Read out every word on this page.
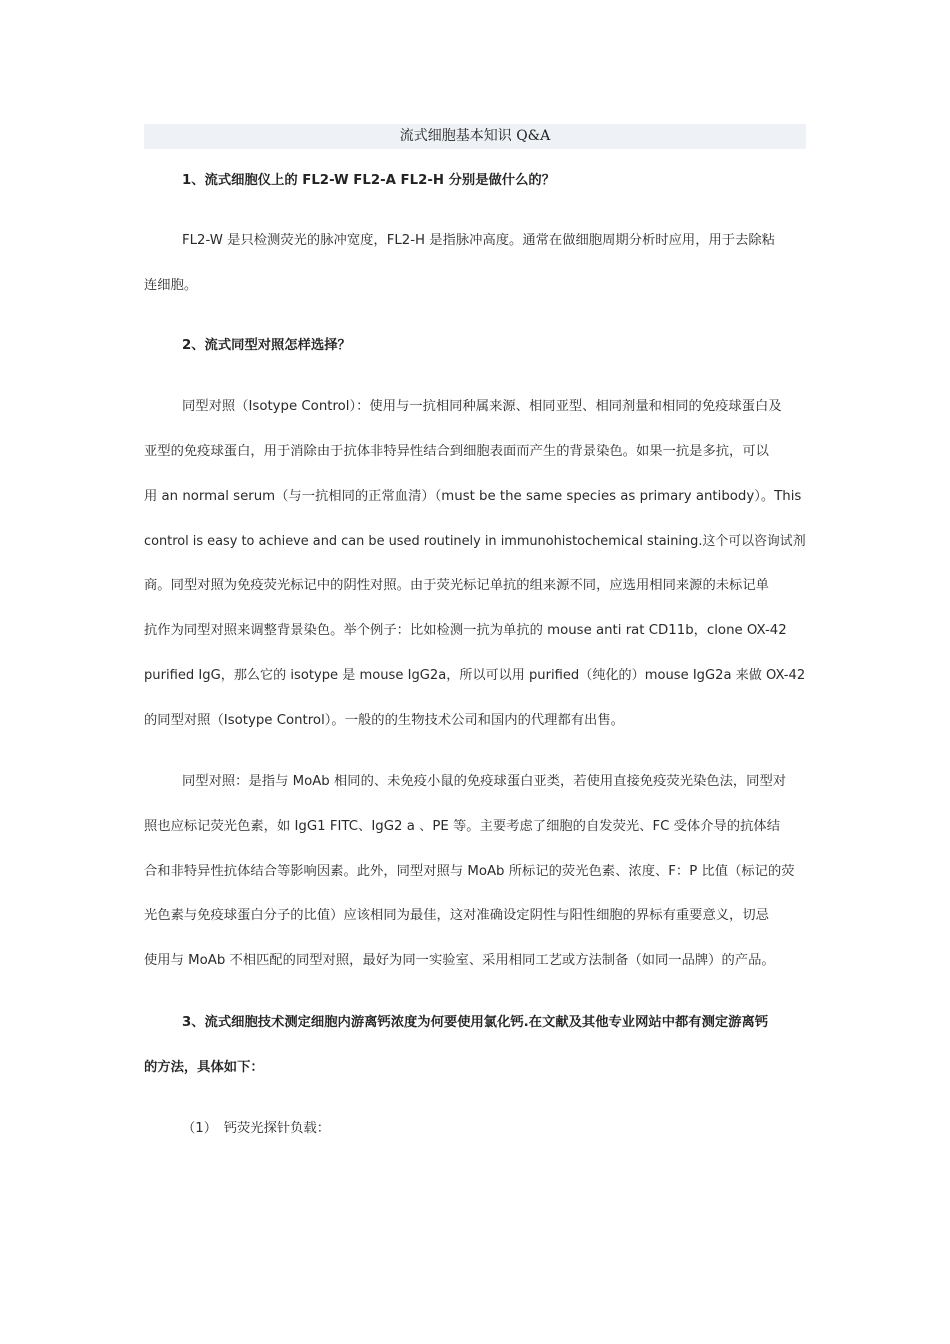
流式细胞基本知识 Q&A
1、流式细胞仪上的 FL2-W FL2-A FL2-H 分别是做什么的？
FL2-W 是只检测荧光的脉冲宽度，FL2-H 是指脉冲高度。通常在做细胞周期分析时应用，用于去除粘
连细胞。
2、流式同型对照怎样选择？
同型对照（Isotype Control）：使用与一抗相同种属来源、相同亚型、相同剂量和相同的免疫球蛋白及
亚型的免疫球蛋白，用于消除由于抗体非特异性结合到细胞表面而产生的背景染色。如果一抗是多抗，可以
用 an normal serum（与一抗相同的正常血清）（must be the same species as primary antibody）。This
control is easy to achieve and can be used routinely in immunohistochemical staining.这个可以咨询试剂
商。同型对照为免疫荧光标记中的阴性对照。由于荧光标记单抗的组来源不同，应选用相同来源的未标记单
抗作为同型对照来调整背景染色。举个例子：比如检测一抗为单抗的 mouse anti rat CD11b，clone OX-42
purified IgG，那么它的 isotype 是 mouse IgG2a，所以可以用 purified（纯化的）mouse IgG2a 来做 OX-42
的同型对照（Isotype Control）。一般的的生物技术公司和国内的代理都有出售。
同型对照：是指与 MoAb 相同的、未免疫小鼠的免疫球蛋白亚类，若使用直接免疫荧光染色法，同型对
照也应标记荧光色素，如 IgG1 FITC、IgG2 a 、PE 等。主要考虑了细胞的自发荧光、FC 受体介导的抗体结
合和非特异性抗体结合等影响因素。此外，同型对照与 MoAb 所标记的荧光色素、浓度、F：P 比值（标记的荧
光色素与免疫球蛋白分子的比值）应该相同为最佳，这对准确设定阴性与阳性细胞的界标有重要意义，切忌
使用与 MoAb 不相匹配的同型对照，最好为同一实验室、采用相同工艺或方法制备（如同一品牌）的产品。
3、流式细胞技术测定细胞内游离钙浓度为何要使用氯化钙.在文献及其他专业网站中都有测定游离钙
的方法，具体如下：
（1）　钙荧光探针负载：
